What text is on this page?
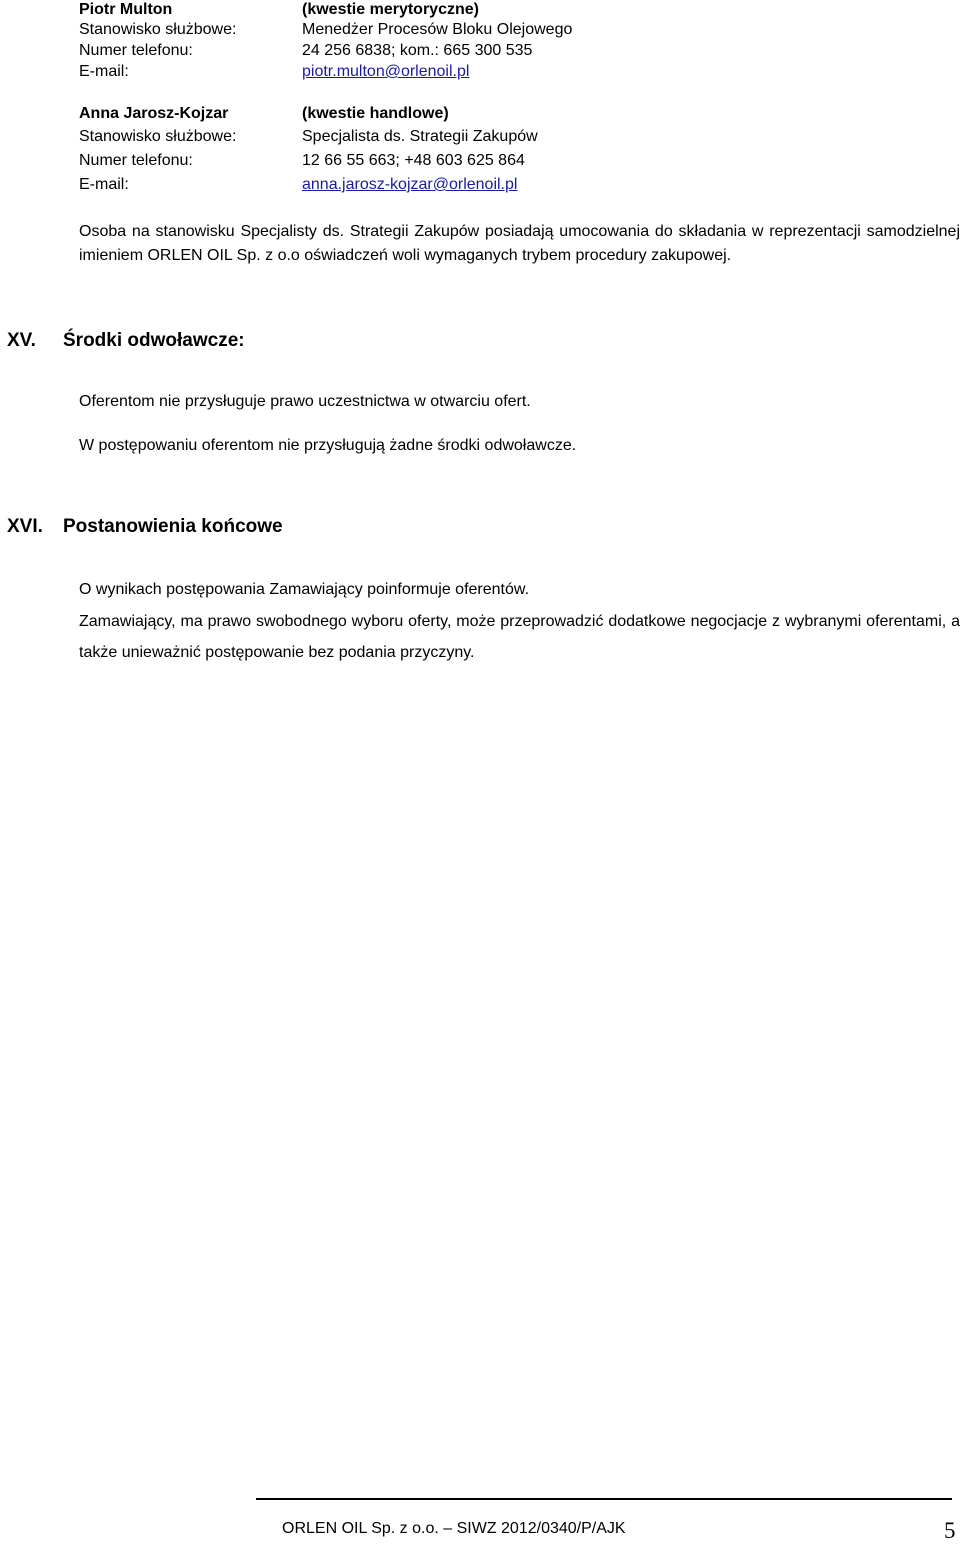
Piotr Multon	(kwestie merytoryczne)
Stanowisko służbowe:	Menedżer Procesów Bloku Olejowego
Numer telefonu:	24 256 6838; kom.: 665 300 535
E-mail:	piotr.multon@orlenoil.pl
Anna Jarosz-Kojzar	(kwestie handlowe)
Stanowisko służbowe:	Specjalista ds. Strategii Zakupów
Numer telefonu:	12 66 55 663; +48 603 625 864
E-mail:	anna.jarosz-kojzar@orlenoil.pl
Osoba na stanowisku Specjalisty ds. Strategii Zakupów posiadają umocowania do składania w reprezentacji samodzielnej imieniem ORLEN OIL Sp. z o.o oświadczeń woli wymaganych trybem procedury zakupowej.
XV. Środki odwoławcze:
Oferentom nie przysługuje prawo uczestnictwa w otwarciu ofert.
W postępowaniu oferentom nie przysługują żadne środki odwoławcze.
XVI. Postanowienia końcowe
O wynikach postępowania Zamawiający poinformuje oferentów.
Zamawiający, ma prawo swobodnego wyboru oferty, może przeprowadzić dodatkowe negocjacje z wybranymi oferentami, a także unieważnić postępowanie bez podania przyczyny.
ORLEN OIL Sp. z o.o. – SIWZ 2012/0340/P/AJK	5
